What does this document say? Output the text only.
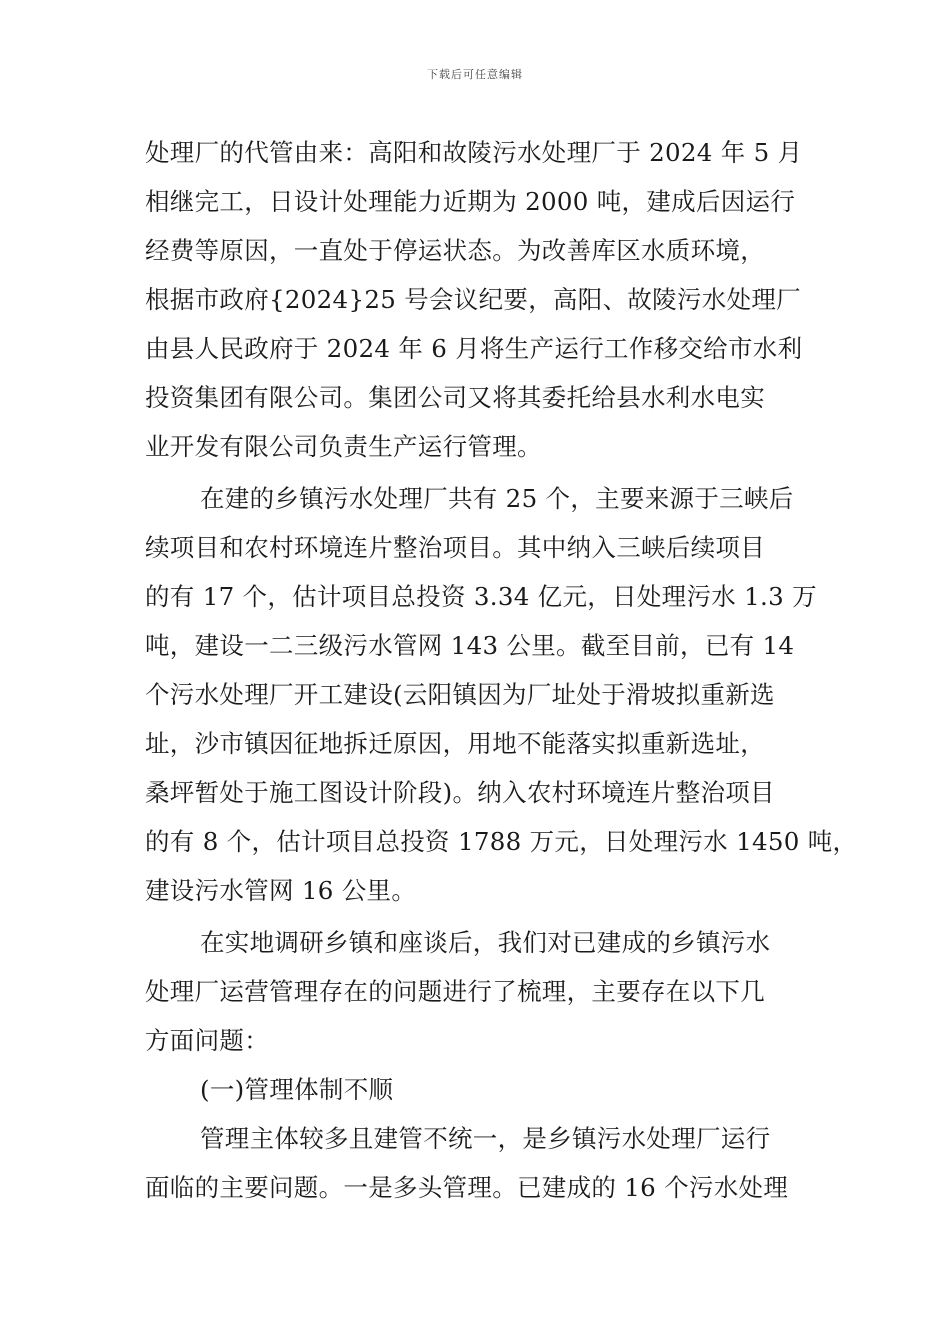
下载后可任意编辑
处理厂的代管由来：高阳和故陵污水处理厂于 2024 年 5 月
相继完工，日设计处理能力近期为 2000 吨，建成后因运行
经费等原因，一直处于停运状态。为改善库区水质环境，
根据市政府{2024}25 号会议纪要，高阳、故陵污水处理厂
由县人民政府于 2024 年 6 月将生产运行工作移交给市水利
投资集团有限公司。集团公司又将其委托给县水利水电实
业开发有限公司负责生产运行管理。
在建的乡镇污水处理厂共有 25 个，主要来源于三峡后
续项目和农村环境连片整治项目。其中纳入三峡后续项目
的有 17 个，估计项目总投资 3.34 亿元，日处理污水 1.3 万
吨，建设一二三级污水管网 143 公里。截至目前，已有 14
个污水处理厂开工建设(云阳镇因为厂址处于滑坡拟重新选
址，沙市镇因征地拆迁原因，用地不能落实拟重新选址，
桑坪暂处于施工图设计阶段)。纳入农村环境连片整治项目
的有 8 个，估计项目总投资 1788 万元，日处理污水 1450 吨，
建设污水管网 16 公里。
在实地调研乡镇和座谈后，我们对已建成的乡镇污水
处理厂运营管理存在的问题进行了梳理，主要存在以下几
方面问题：
(一)管理体制不顺
管理主体较多且建管不统一，是乡镇污水处理厂运行
面临的主要问题。一是多头管理。已建成的 16 个污水处理
